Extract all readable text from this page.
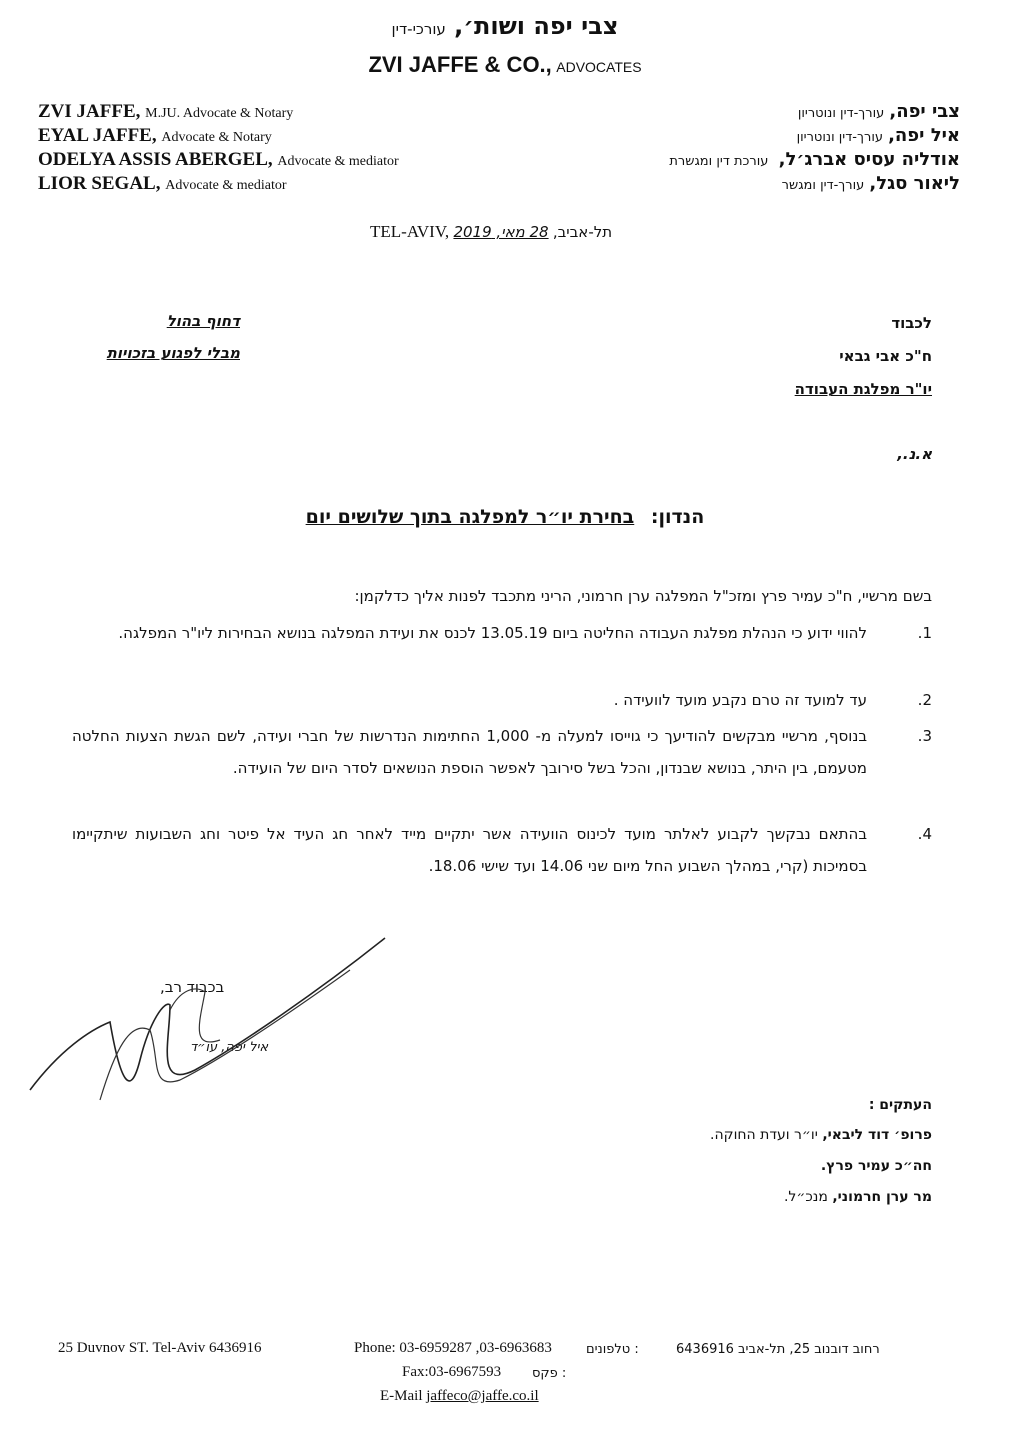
צבי יפה ושות׳, עורכי-דין
ZVI JAFFE & CO., ADVOCATES
ZVI JAFFE, M.JU. Advocate & Notary
EYAL JAFFE, Advocate & Notary
ODELYA ASSIS ABERGEL, Advocate & mediator
LIOR SEGAL, Advocate & mediator
צבי יפה, עורך-דין ונוטריון
איל יפה, עורך-דין ונוטריון
אודליה עסיס אברג׳ל,  עורכת דין ומגשרת
ליאור סגל, עורך-דין ומגשר
TEL-AVIV, 28 מאי, 2019 תל-אביב,
דחוף בהול
מבלי לפגוע בזכויות
לכבוד
ח"כ אבי גבאי
יו"ר מפלגת העבודה
א.נ.,
הנדון: בחירת יו״ר למפלגה בתוך שלושים יום
בשם מרשיי, ח"כ עמיר פרץ ומזכ"ל המפלגה ערן חרמוני, הריני מתכבד לפנות אליך כדלקמן:
1.
להווי ידוע כי הנהלת מפלגת העבודה החליטה ביום 13.05.19 לכנס את ועידת המפלגה בנושא הבחירות ליו"ר המפלגה.
2.
עד למועד זה טרם נקבע מועד לוועידה .
3.
בנוסף, מרשיי מבקשים להודיעך כי גוייסו למעלה מ- 1,000 החתימות הנדרשות של חברי ועידה, לשם הגשת הצעות החלטה מטעמם, בין היתר, בנושא שבנדון, והכל בשל סירובך לאפשר הוספת הנושאים לסדר היום של הועידה.
4.
בהתאם נבקשך לקבוע לאלתר מועד לכינוס הוועידה אשר יתקיים מייד לאחר חג העיד אל פיטר וחג השבועות שיתקיימו בסמיכות (קרי, במהלך השבוע החל מיום שני 14.06 ועד שישי 18.06.
בכבוד רב,
איל יפה, עו״ד
העתקים :
פרופ׳ דוד ליבאי, יו״ר ועדת החוקה.
חה״כ עמיר פרץ.
מר ערן חרמוני, מנכ״ל.
25 Duvnov ST. Tel-Aviv 6436916	Phone: 03-6959287 ,03-6963683	: טלפונים	רחוב דובנוב 25, תל-אביב 6436916
Fax:03-6967593 : פקס
E-Mail jaffeco@jaffe.co.il
